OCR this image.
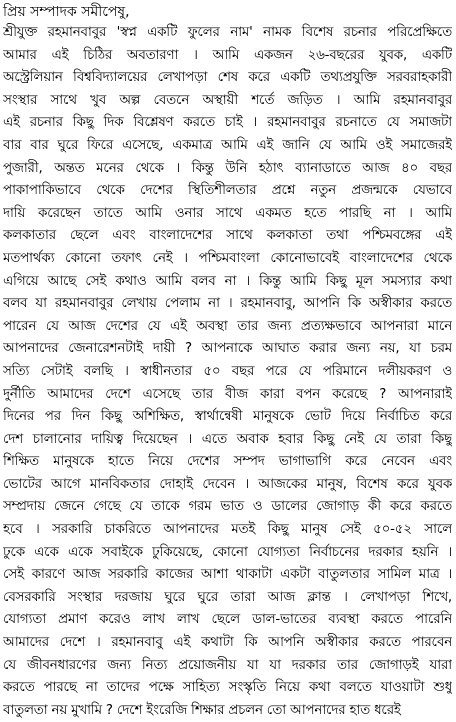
প্রিয় সম্পাদক সমীপেষু,
শ্রীযুক্ত রহমানবাবুর 'স্বপ্ন একটি ফুলের নাম' নামক বিশেষ রচনার পরিপ্রেক্ষিতে
আমার এই চিঠির অবতারণা । আমি একজন ২৬-বছরের যুবক, একটি
অস্ট্রেলিয়ান বিশ্ববিদ্যালয়ের লেখাপড়া শেষ করে একটি তথ্যপ্রযুক্তি সরবরাহকারী
সংস্থার সাথে খুব অল্প বেতনে অস্থায়ী শর্তে জড়িত । আমি রহমানবাবুর
এই রচনার কিছু দিক বিশ্লেষণ করতে চাই । রহমানবাবুর রচনাতে যে সমাজটা
বার বার ঘুরে ফিরে এসেছে, একমাত্র আমি এই জানি যে আমি ওই সমাজেরই
পুজারী, অন্তত মনের থেকে । কিন্তু উনি হঠাৎ ব্যানাডাতে আজ ৪০ বছর
পাকাপাকিভাবে থেকে দেশের স্থিতিশীলতার প্রশ্নে নতুন প্রজন্মকে যেভাবে
দায়ি করেছেন তাতে আমি ওনার সাথে একমত হতে পারছি না । আমি
কলকাতার ছেলে এবং বাংলাদেশের সাথে কলকাতা তথা পশ্চিমবঙ্গের এই
মতপার্থক্য কোনো তফাৎ নেই । পশ্চিমবাংলা কোনোভাবেই বাংলাদেশের থেকে
এগিয়ে আছে সেই কথাও আমি বলব না । কিন্তু আমি কিছু মূল সমস্যার কথা
বলব যা রহমানবাবুর লেখায় পেলাম না । রহমানবাবু, আপনি কি অস্বীকার করতে
পারেন যে আজ দেশের যে এই অবস্থা তার জন্য প্রত্যক্ষভাবে আপনারা মানে
আপনাদের জেনারেশনটাই দায়ী ? আপনাকে আঘাত করার জন্য নয়, যা চরম
সত্যি সেটাই বলছি । স্বাধীনতার ৫০ বছর পরে যে পরিমানে দলীয়করণ ও
দুর্নীতি আমাদের দেশে এসেছে তার বীজ কারা বপন করেছে ? আপনারাই
দিনের পর দিন কিছু অশিক্ষিত, স্বার্থান্বেষী মানুষকে ভোট দিয়ে নির্বাচিত করে
দেশ চালানোর দায়িত্ব দিয়েছেন । এতে অবাক হবার কিছু নেই যে তারা কিছু
শিক্ষিত মানুষকে হাতে নিয়ে দেশের সম্পদ ভাগাভাগি করে নেবেন এবং
ভোটের আগে মানবিকতার দোহাই দেবেন । আজকের মানুষ, বিশেষ করে যুবক
সম্প্রদায় জেনে গেছে যে তাকে গরম ভাত ও ডালের জোগাড় কী করে করতে
হবে । সরকারি চাকরিতে আপনাদের মতই কিছু মানুষ সেই ৫০-৫২ সালে
ঢুকে একে একে সবাইকে ঢুকিয়েছে, কোনো যোগ্যতা নির্বাচনের দরকার হয়নি ।
সেই কারণে আজ সরকারি কাজের আশা থাকাটা একটা বাতুলতার সামিল মাত্র ।
বেসরকারি সংস্থার দরজায় ঘুরে ঘুরে তারা আজ ক্লান্ত । লেখাপড়া শিখে,
যোগ্যতা প্রমাণ করেও লাখ লাখ ছেলে ডাল-ভাতের ব্যবস্থা করতে পারেনি
আমাদের দেশে । রহমানবাবু এই কথাটা কি আপনি অস্বীকার করতে পারবেন
যে জীবনধারণের জন্য নিত্য প্রয়োজনীয় যা যা দরকার তার জোগাড়ই যারা
করতে পারছে না তাদের পক্ষে সাহিত্য সংস্কৃতি নিয়ে কথা বলতে যাওয়াটা শুধু
বাতুলতা নয় মুখামি ? দেশে ইংরেজি শিক্ষার প্রচলন তো আপনাদের হাত ধরেই
